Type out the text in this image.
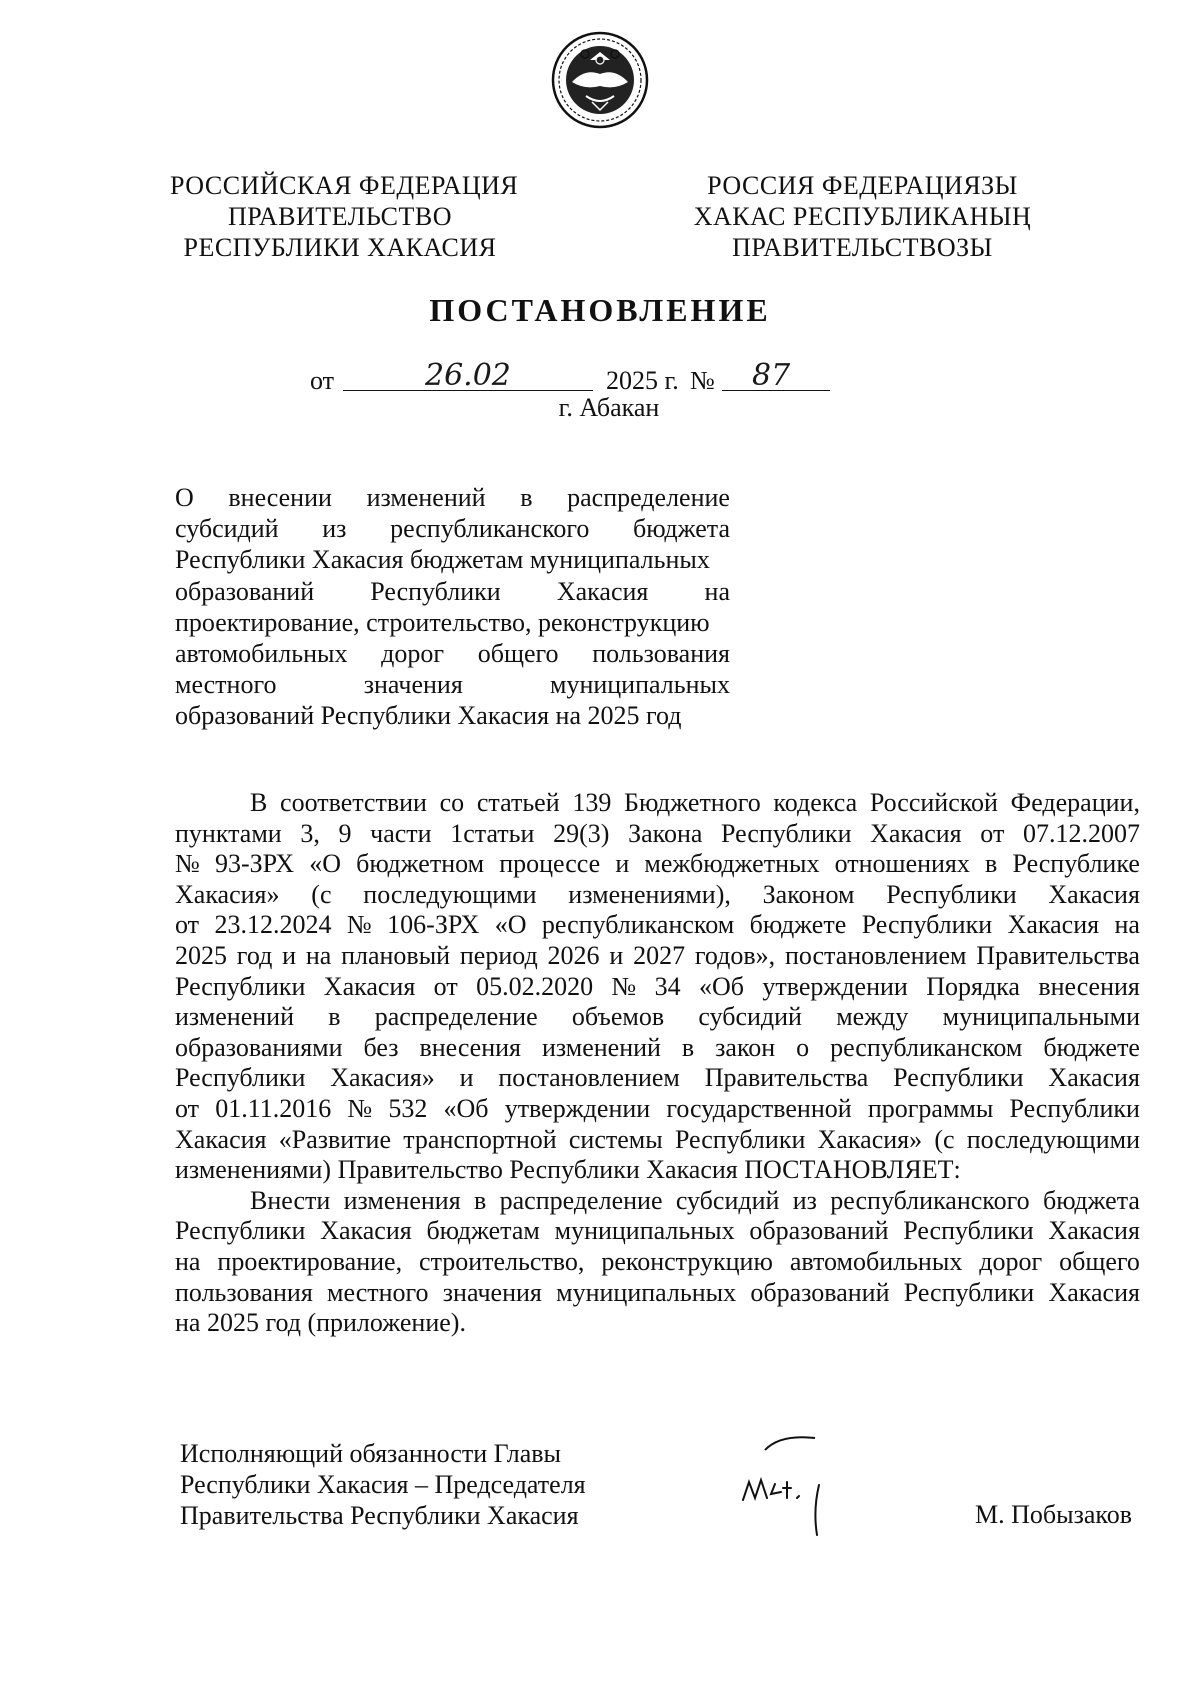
РОССИЙСКАЯ ФЕДЕРАЦИЯ
ПРАВИТЕЛЬСТВО
РЕСПУБЛИКИ ХАКАСИЯ
РОССИЯ ФЕДЕРАЦИЯЗЫ
ХАКАС РЕСПУБЛИКАНЫҢ
ПРАВИТЕЛЬСТВОЗЫ
ПОСТАНОВЛЕНИЕ
от	26.02	2025 г. № 87
г. Абакан
О внесении изменений в распределение
субсидий из республиканского бюджета
Республики Хакасия бюджетам муниципальных
образований Республики Хакасия на
проектирование, строительство, реконструкцию
автомобильных дорог общего пользования
местного	значения	муниципальных
образований Республики Хакасия на 2025 год
В соответствии со статьей 139 Бюджетного кодекса Российской Федерации,
пунктами 3, 9 части 1статьи 29(3) Закона Республики Хакасия от 07.12.2007
№ 93-ЗРХ «О бюджетном процессе и межбюджетных отношениях в Республике
Хакасия» (с последующими изменениями), Законом Республики Хакасия
от 23.12.2024 № 106-ЗРХ «О республиканском бюджете Республики Хакасия на
2025 год и на плановый период 2026 и 2027 годов», постановлением Правительства
Республики Хакасия от 05.02.2020 № 34 «Об утверждении Порядка внесения
изменений в распределение объемов субсидий между муниципальными
образованиями без внесения изменений в закон о республиканском бюджете
Республики Хакасия» и постановлением Правительства Республики Хакасия
от 01.11.2016 № 532 «Об утверждении государственной программы Республики
Хакасия «Развитие транспортной системы Республики Хакасия» (с последующими
изменениями) Правительство Республики Хакасия ПОСТАНОВЛЯЕТ:
Внести изменения в распределение субсидий из республиканского бюджета
Республики Хакасия бюджетам муниципальных образований Республики Хакасия
на проектирование, строительство, реконструкцию автомобильных дорог общего
пользования местного значения муниципальных образований Республики Хакасия
на 2025 год (приложение).
Исполняющий обязанности Главы
Республики Хакасия – Председателя
Правительства Республики Хакасия	М. Побызаков
